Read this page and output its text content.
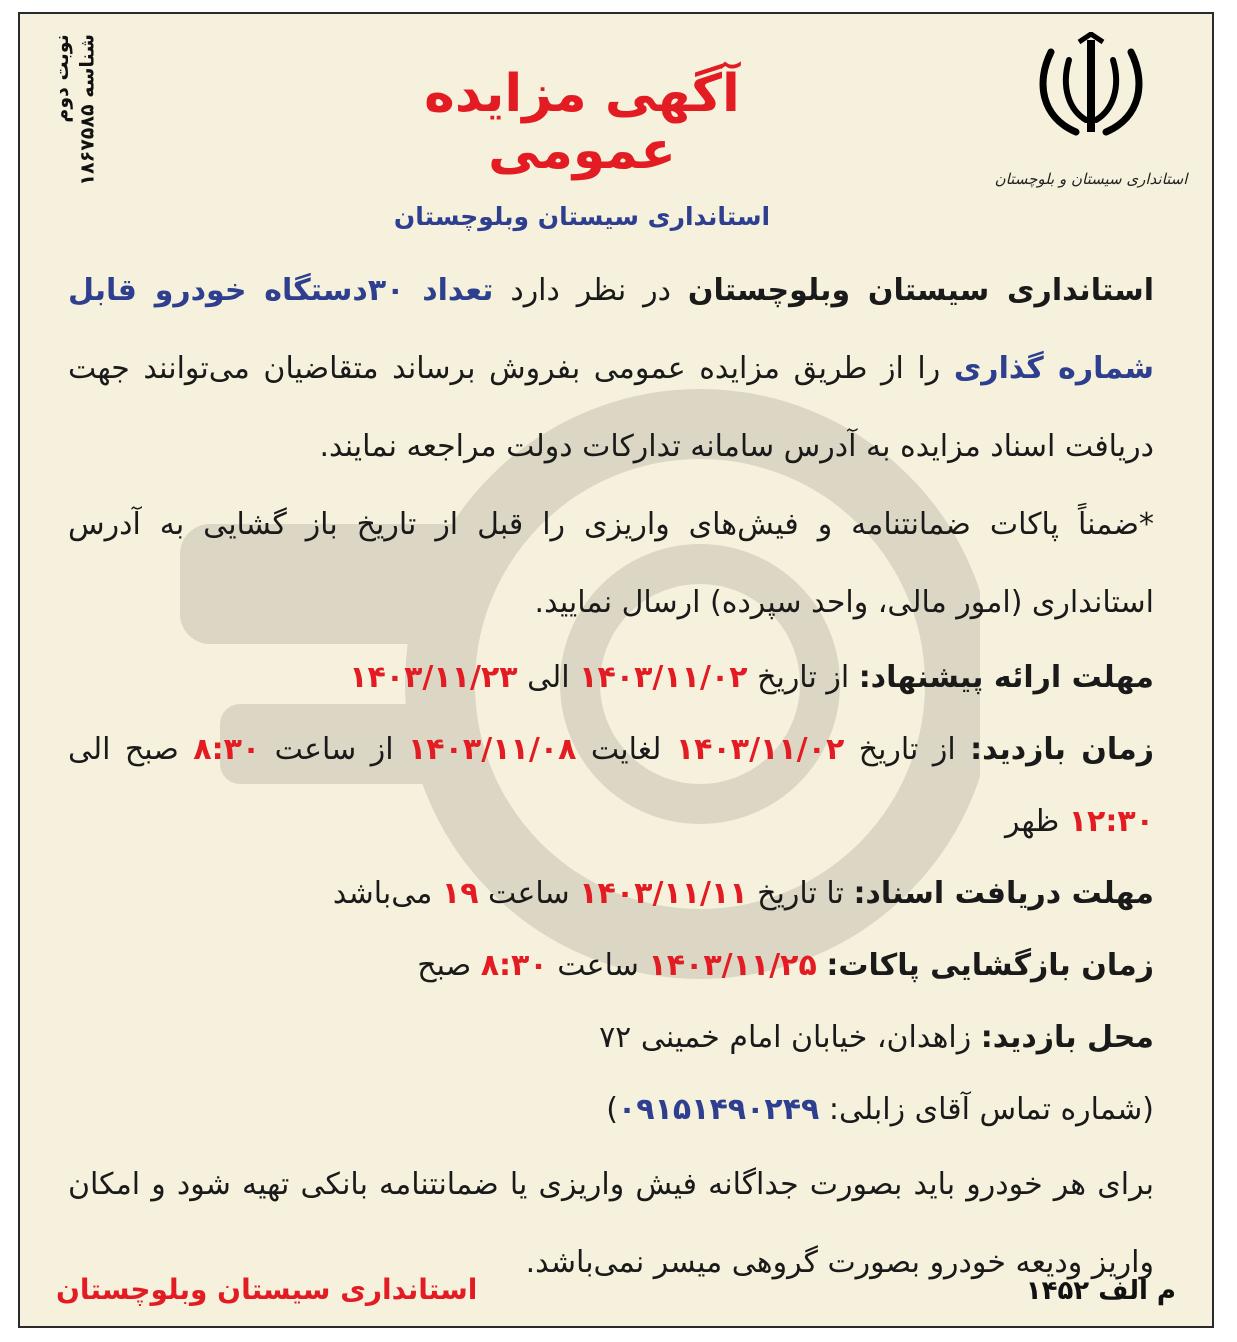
استانداری سیستان و بلوچستان
آگهی مزایده عمومی
استانداری سیستان وبلوچستان
نوبت دوم
شناسه ۱۸۶۷۵۸۵

استانداری سیستان وبلوچستان در نظر دارد تعداد ۳۰دستگاه خودرو قابل شماره گذاری را از طریق مزایده عمومی بفروش برساند متقاضیان می‌توانند جهت دریافت اسناد مزایده به آدرس سامانه تدارکات دولت مراجعه نمایند.

*ضمناً پاکات ضمانتنامه و فیش‌های واریزی را قبل از تاریخ باز گشایی به آدرس استانداری (امور مالی، واحد سپرده) ارسال نمایید.

مهلت ارائه پیشنهاد: از تاریخ ۱۴۰۳/۱۱/۰۲ الی ۱۴۰۳/۱۱/۲۳

زمان بازدید: از تاریخ ۱۴۰۳/۱۱/۰۲ لغایت ۱۴۰۳/۱۱/۰۸ از ساعت ۸:۳۰ صبح الی ۱۲:۳۰ ظهر

مهلت دریافت اسناد: تا تاریخ ۱۴۰۳/۱۱/۱۱ ساعت ۱۹ می‌باشد

زمان بازگشایی پاکات: ۱۴۰۳/۱۱/۲۵ ساعت ۸:۳۰ صبح

محل بازدید: زاهدان، خیابان امام خمینی ۷۲

(شماره تماس آقای زابلی: ۰۹۱۵۱۴۹۰۲۴۹)

برای هر خودرو باید بصورت جداگانه فیش واریزی یا ضمانتنامه بانکی تهیه شود و امکان واریز ودیعه خودرو بصورت گروهی میسر نمی‌باشد.

استانداری سیستان وبلوچستان	م الف ۱۴۵۲
